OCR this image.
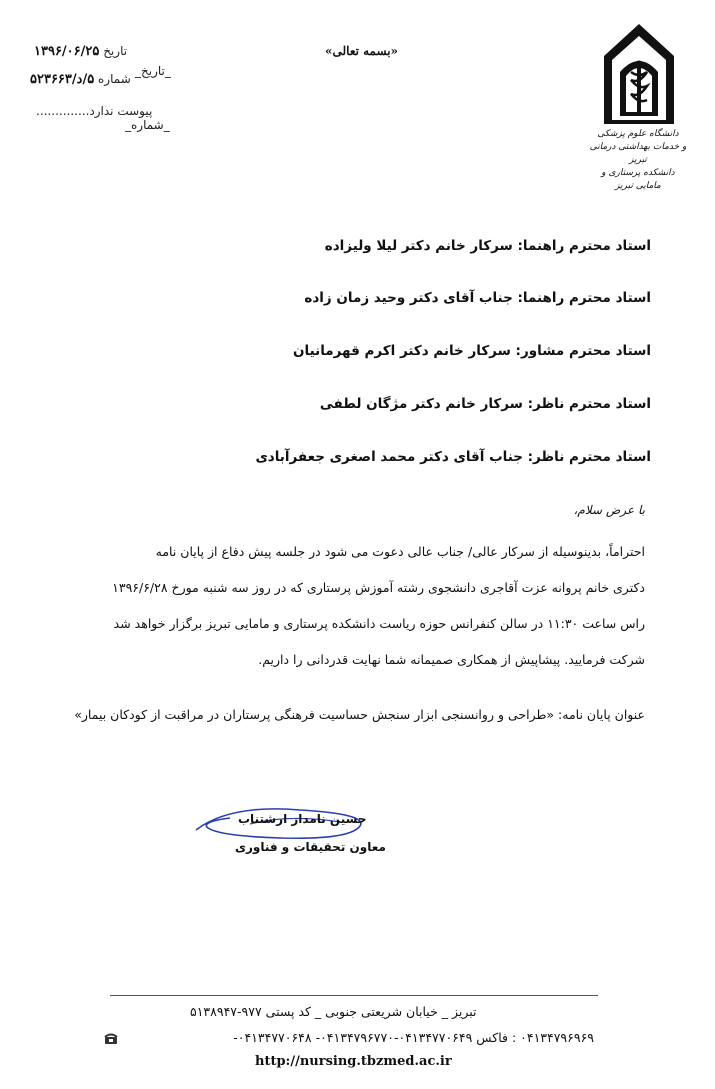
تاریخ ۱۳۹۶/۰۶/۲۵
شماره ۵/د/۵۲۳۶۶۳
_تاریخ_
پیوست ندارد..............
_شماره_
«بسمه تعالی»
دانشگاه علوم پزشکی
و خدمات بهداشتی درمانی تبریز
دانشکده پرستاری و مامایی تبریز
استاد محترم راهنما: سرکار خانم دکتر لیلا ولیزاده
استاد محترم راهنما: جناب آقای دکتر وحید زمان زاده
استاد محترم مشاور: سرکار خانم دکتر اکرم قهرمانیان
استاد محترم ناظر: سرکار خانم دکتر مژگان لطفی
استاد محترم ناظر: جناب آقای دکتر محمد اصغری جعفرآبادی
با عرض سلام،
احتراماً، بدینوسیله از سرکار عالی/ جناب عالی دعوت می شود در جلسه پیش دفاع از پایان نامه
دکتری خانم پروانه عزت آقاجری دانشجوی رشته آموزش پرستاری که در روز سه شنبه مورخ ۱۳۹۶/۶/۲۸
راس ساعت ۱۱:۳۰ در سالن کنفرانس حوزه ریاست دانشکده پرستاری و مامایی تبریز برگزار خواهد شد
شرکت فرمایید. پیشاپیش از همکاری صمیمانه شما نهایت قدردانی را داریم.
عنوان پایان نامه: «طراحی و روانسنجی ابزار سنجش حساسیت فرهنگی پرستاران در مراقبت از کودکان بیمار»
حسین نامدار ارشتناب
معاون تحقیقات و فناوری
تبریز _ خیابان شریعتی جنوبی _ کد پستی ۹۷۷-۵۱۳۸۹۴۷
۰۴۱۳۴۷۹۶۹۶۹ : فاکس ۰۴۱۳۴۷۷۰۶۴۹-۰۴۱۳۴۷۹۶۷۷۰- ۰۴۱۳۴۷۷۰۶۴۸-
http://nursing.tbzmed.ac.ir
